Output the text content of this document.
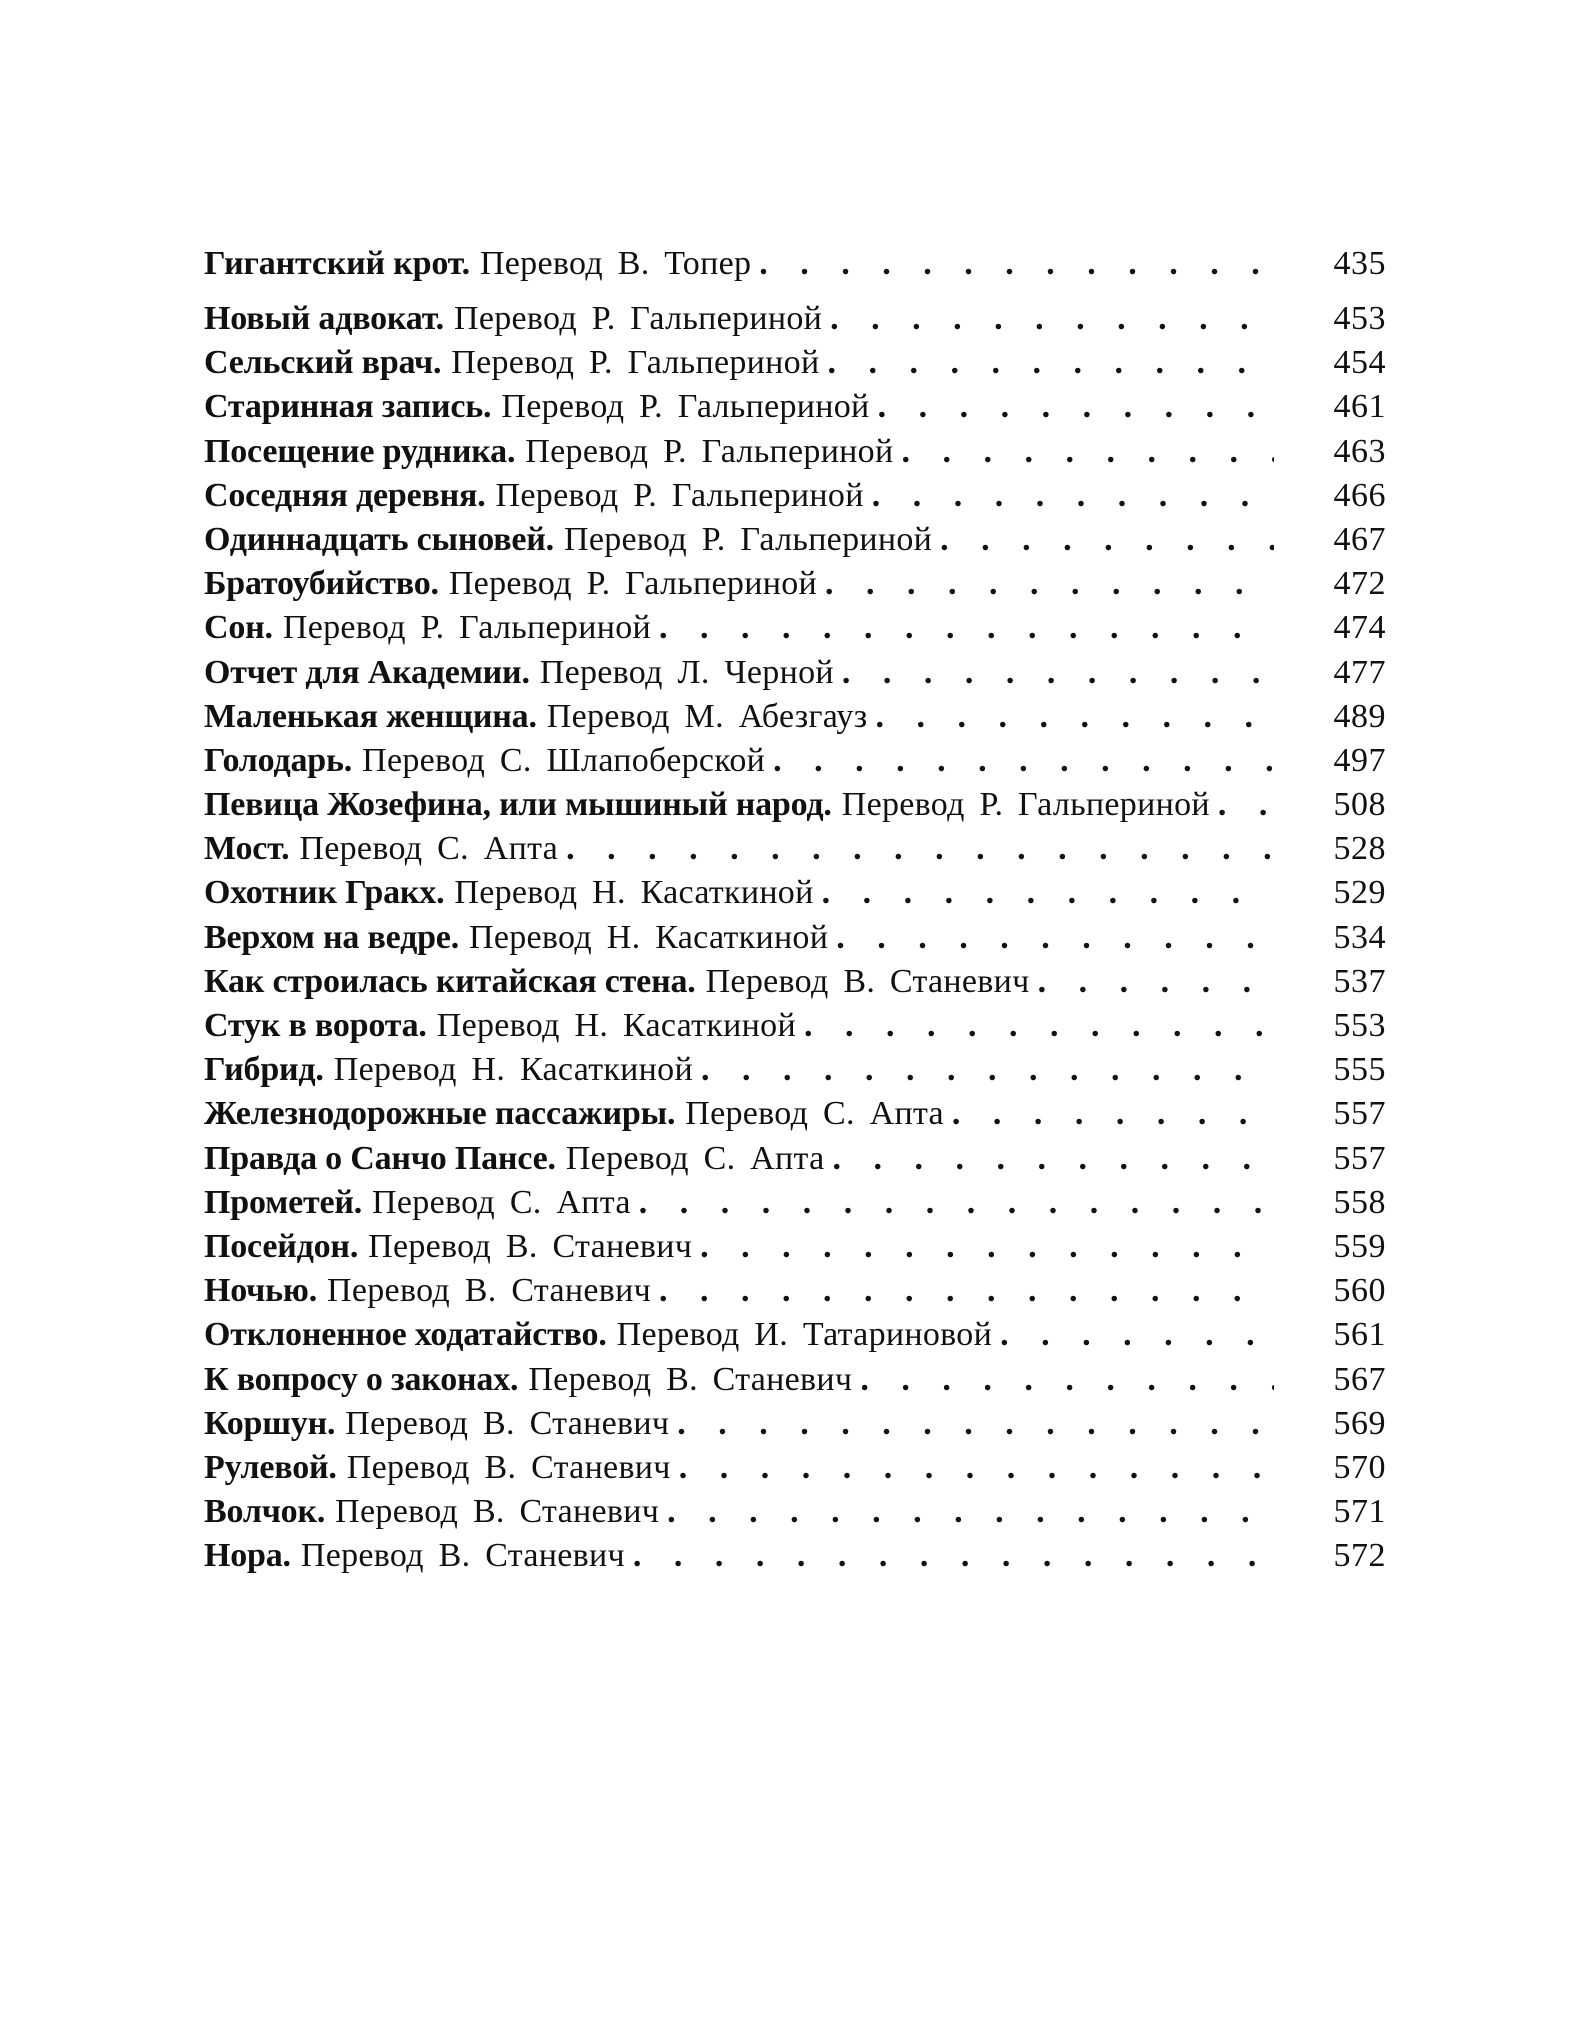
Гигантский крот. Перевод В. Топер . . .	435
Новый адвокат. Перевод Р. Гальпериной . . .	453
Сельский врач. Перевод Р. Гальпериной . . .	454
Старинная запись. Перевод Р. Гальпериной . . .	461
Посещение рудника. Перевод Р. Гальпериной . . .	463
Соседняя деревня. Перевод Р. Гальпериной . . .	466
Одиннадцать сыновей. Перевод Р. Гальпериной . . .	467
Братоубийство. Перевод Р. Гальпериной . . .	472
Сон. Перевод Р. Гальпериной . . .	474
Отчет для Академии. Перевод Л. Черной . . .	477
Маленькая женщина. Перевод М. Абезгауз . . .	489
Голодарь. Перевод С. Шлапоберской . . .	497
Певица Жозефина, или мышиный народ. Перевод Р. Гальпериной . . .	508
Мост. Перевод С. Апта . . .	528
Охотник Гракх. Перевод Н. Касаткиной . . .	529
Верхом на ведре. Перевод Н. Касаткиной . . .	534
Как строилась китайская стена. Перевод В. Станевич . . .	537
Стук в ворота. Перевод Н. Касаткиной . . .	553
Гибрид. Перевод Н. Касаткиной . . .	555
Железнодорожные пассажиры. Перевод С. Апта . . .	557
Правда о Санчо Пансе. Перевод С. Апта . . .	557
Прометей. Перевод С. Апта . . .	558
Посейдон. Перевод В. Станевич . . .	559
Ночью. Перевод В. Станевич . . .	560
Отклоненное ходатайство. Перевод И. Татариновой . . .	561
К вопросу о законах. Перевод В. Станевич . . .	567
Коршун. Перевод В. Станевич . . .	569
Рулевой. Перевод В. Станевич . . .	570
Волчок. Перевод В. Станевич . . .	571
Нора. Перевод В. Станевич . . .	572
